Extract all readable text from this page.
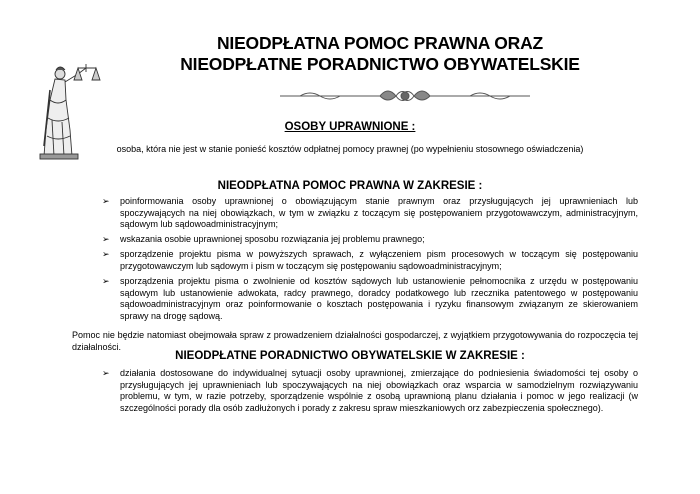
NIEODPŁATNA POMOC PRAWNA ORAZ
NIEODPŁATNE PORADNICTWO OBYWATELSKIE
OSOBY UPRAWNIONE :
osoba, która nie jest w stanie ponieść kosztów odpłatnej pomocy prawnej (po wypełnieniu stosownego oświadczenia)
NIEODPŁATNA POMOC PRAWNA W ZAKRESIE :
➢ poinformowania osoby uprawnionej o obowiązującym stanie prawnym oraz przysługujących jej uprawnieniach lub spoczywających na niej obowiązkach, w tym w związku z toczącym się postępowaniem przygotowawczym, administracyjnym, sądowym lub sądowoadministracyjnym;
➢ wskazania osobie uprawnionej sposobu rozwiązania jej problemu prawnego;
➢ sporządzenie projektu pisma w powyższych sprawach, z wyłączeniem pism procesowych w toczącym się postępowaniu przygotowawczym lub sądowym i pism w toczącym się postępowaniu sądowoadministracyjnym;
➢ sporządzenia projektu pisma o zwolnienie od kosztów sądowych lub ustanowienie pełnomocnika z urzędu w postępowaniu sądowym lub ustanowienie adwokata, radcy prawnego, doradcy podatkowego lub rzecznika patentowego w postępowaniu sądowoadministracyjnym oraz poinformowanie o kosztach postępowania i ryzyku finansowym związanym ze skierowaniem sprawy na drogę sądową.
Pomoc nie będzie natomiast obejmowała spraw z prowadzeniem działalności gospodarczej, z wyjątkiem przygotowywania do rozpoczęcia tej działalności.
NIEODPŁATNE PORADNICTWO OBYWATELSKIE W ZAKRESIE :
➢ działania dostosowane do indywidualnej sytuacji osoby uprawnionej, zmierzające do podniesienia świadomości tej osoby o przysługujących jej uprawnieniach lub spoczywających na niej obowiązkach oraz wsparcia w samodzielnym rozwiązywaniu problemu, w tym, w razie potrzeby, sporządzenie wspólnie z osobą uprawnioną planu działania i pomoc w jego realizacji (w szczególności porady dla osób zadłużonych i porady z zakresu spraw mieszkaniowych orz zabezpieczenia społecznego).
